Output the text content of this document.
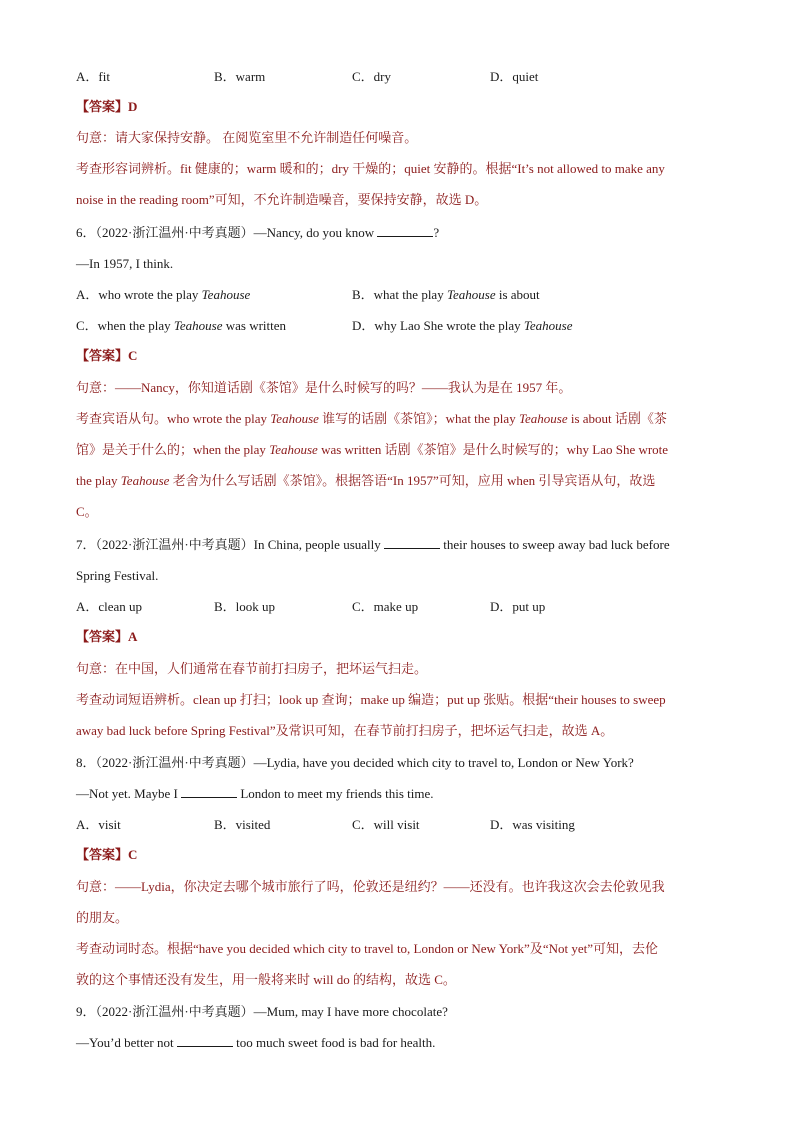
A．fit	B．warm	C．dry	D．quiet
【答案】D
句意：请大家保持安静。 在阅览室里不允许制造任何噪音。
考查形容词辨析。fit 健康的；warm 暖和的；dry 干燥的；quiet 安静的。根据“It’s not allowed to make any
noise in the reading room”可知，不允许制造噪音，要保持安静，故选 D。
6．（2022·浙江温州·中考真题）—Nancy, do you know	?
—In 1957, I think.
A．who wrote the play Teahouse	B．what the play Teahouse is about
C．when the play Teahouse was written	D．why Lao She wrote the play Teahouse
【答案】C
句意：——Nancy，你知道话剧《茶馆》是什么时候写的吗？——我认为是在 1957 年。
考查宾语从句。who wrote the play Teahouse 谁写的话剧《茶馆》；what the play Teahouse is about 话剧《茶
馆》是关于什么的；when the play Teahouse was written 话剧《茶馆》是什么时候写的；why Lao She wrote
the play Teahouse 老舍为什么写话剧《茶馆》。根据答语“In 1957”可知，应用 when 引导宾语从句，故选
C。
7．（2022·浙江温州·中考真题）In China, people usually	their houses to sweep away bad luck before
Spring Festival.
A．clean up	B．look up	C．make up	D．put up
【答案】A
句意：在中国，人们通常在春节前打扫房子，把坏运气扫走。
考查动词短语辨析。clean up 打扫；look up 查询；make up 编造；put up 张贴。根据“their houses to sweep
away bad luck before Spring Festival”及常识可知，在春节前打扫房子，把坏运气扫走，故选 A。
8．（2022·浙江温州·中考真题）—Lydia, have you decided which city to travel to, London or New York?
—Not yet. Maybe I	London to meet my friends this time.
A．visit	B．visited	C．will visit	D．was visiting
【答案】C
句意：——Lydia，你决定去哪个城市旅行了吗，伦敦还是纽约？——还没有。也许我这次会去伦敦见我
的朋友。
考查动词时态。根据“have you decided which city to travel to, London or New York”及“Not yet”可知，去伦
敦的这个事情还没有发生，用一般将来时 will do 的结构，故选 C。
9．（2022·浙江温州·中考真题）—Mum, may I have more chocolate?
—You’d better not	too much sweet food is bad for health.
